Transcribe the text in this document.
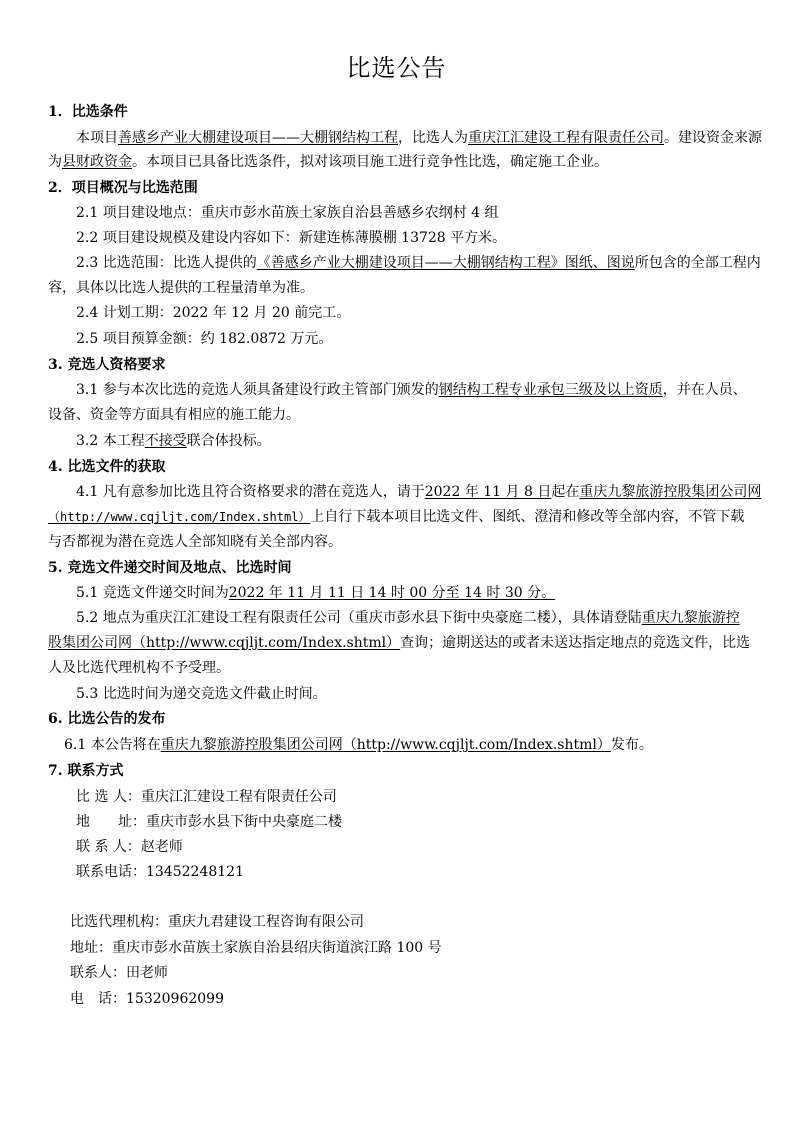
比选公告
1．比选条件
本项目善感乡产业大棚建设项目——大棚钢结构工程，比选人为重庆江汇建设工程有限责任公司。建设资金来源
为县财政资金。本项目已具备比选条件，拟对该项目施工进行竞争性比选，确定施工企业。
2．项目概况与比选范围
2.1 项目建设地点：重庆市彭水苗族土家族自治县善感乡农纲村 4 组
2.2 项目建设规模及建设内容如下：新建连栋薄膜棚 13728 平方米。
2.3 比选范围：比选人提供的《善感乡产业大棚建设项目——大棚钢结构工程》图纸、图说所包含的全部工程内
容，具体以比选人提供的工程量清单为准。
2.4 计划工期：2022 年 12 月 20 前完工。
2.5 项目预算金额：约 182.0872 万元。
3. 竞选人资格要求
3.1 参与本次比选的竞选人须具备建设行政主管部门颁发的钢结构工程专业承包三级及以上资质，并在人员、
设备、资金等方面具有相应的施工能力。
3.2 本工程不接受联合体投标。
4. 比选文件的获取
4.1 凡有意参加比选且符合资格要求的潜在竞选人，请于2022 年 11 月 8 日起在重庆九黎旅游控股集团公司网
（http://www.cqjljt.com/Index.shtml）上自行下载本项目比选文件、图纸、澄清和修改等全部内容，不管下载
与否都视为潜在竞选人全部知晓有关全部内容。
5. 竞选文件递交时间及地点、比选时间
5.1 竞选文件递交时间为2022 年 11 月 11 日 14 时 00 分至 14 时 30 分。
5.2 地点为重庆江汇建设工程有限责任公司（重庆市彭水县下街中央豪庭二楼），具体请登陆重庆九黎旅游控
股集团公司网（http://www.cqjljt.com/Index.shtml）查询；逾期送达的或者未送达指定地点的竞选文件，比选
人及比选代理机构不予受理。
5.3 比选时间为递交竞选文件截止时间。
6. 比选公告的发布
6.1 本公告将在重庆九黎旅游控股集团公司网（http://www.cqjljt.com/Index.shtml）发布。
7. 联系方式
比 选 人：重庆江汇建设工程有限责任公司
地　　址：重庆市彭水县下街中央豪庭二楼
联 系 人：赵老师
联系电话：13452248121
比选代理机构：重庆九君建设工程咨询有限公司
地址：重庆市彭水苗族土家族自治县绍庆街道滨江路 100 号
联系人：田老师
电　话：15320962099
